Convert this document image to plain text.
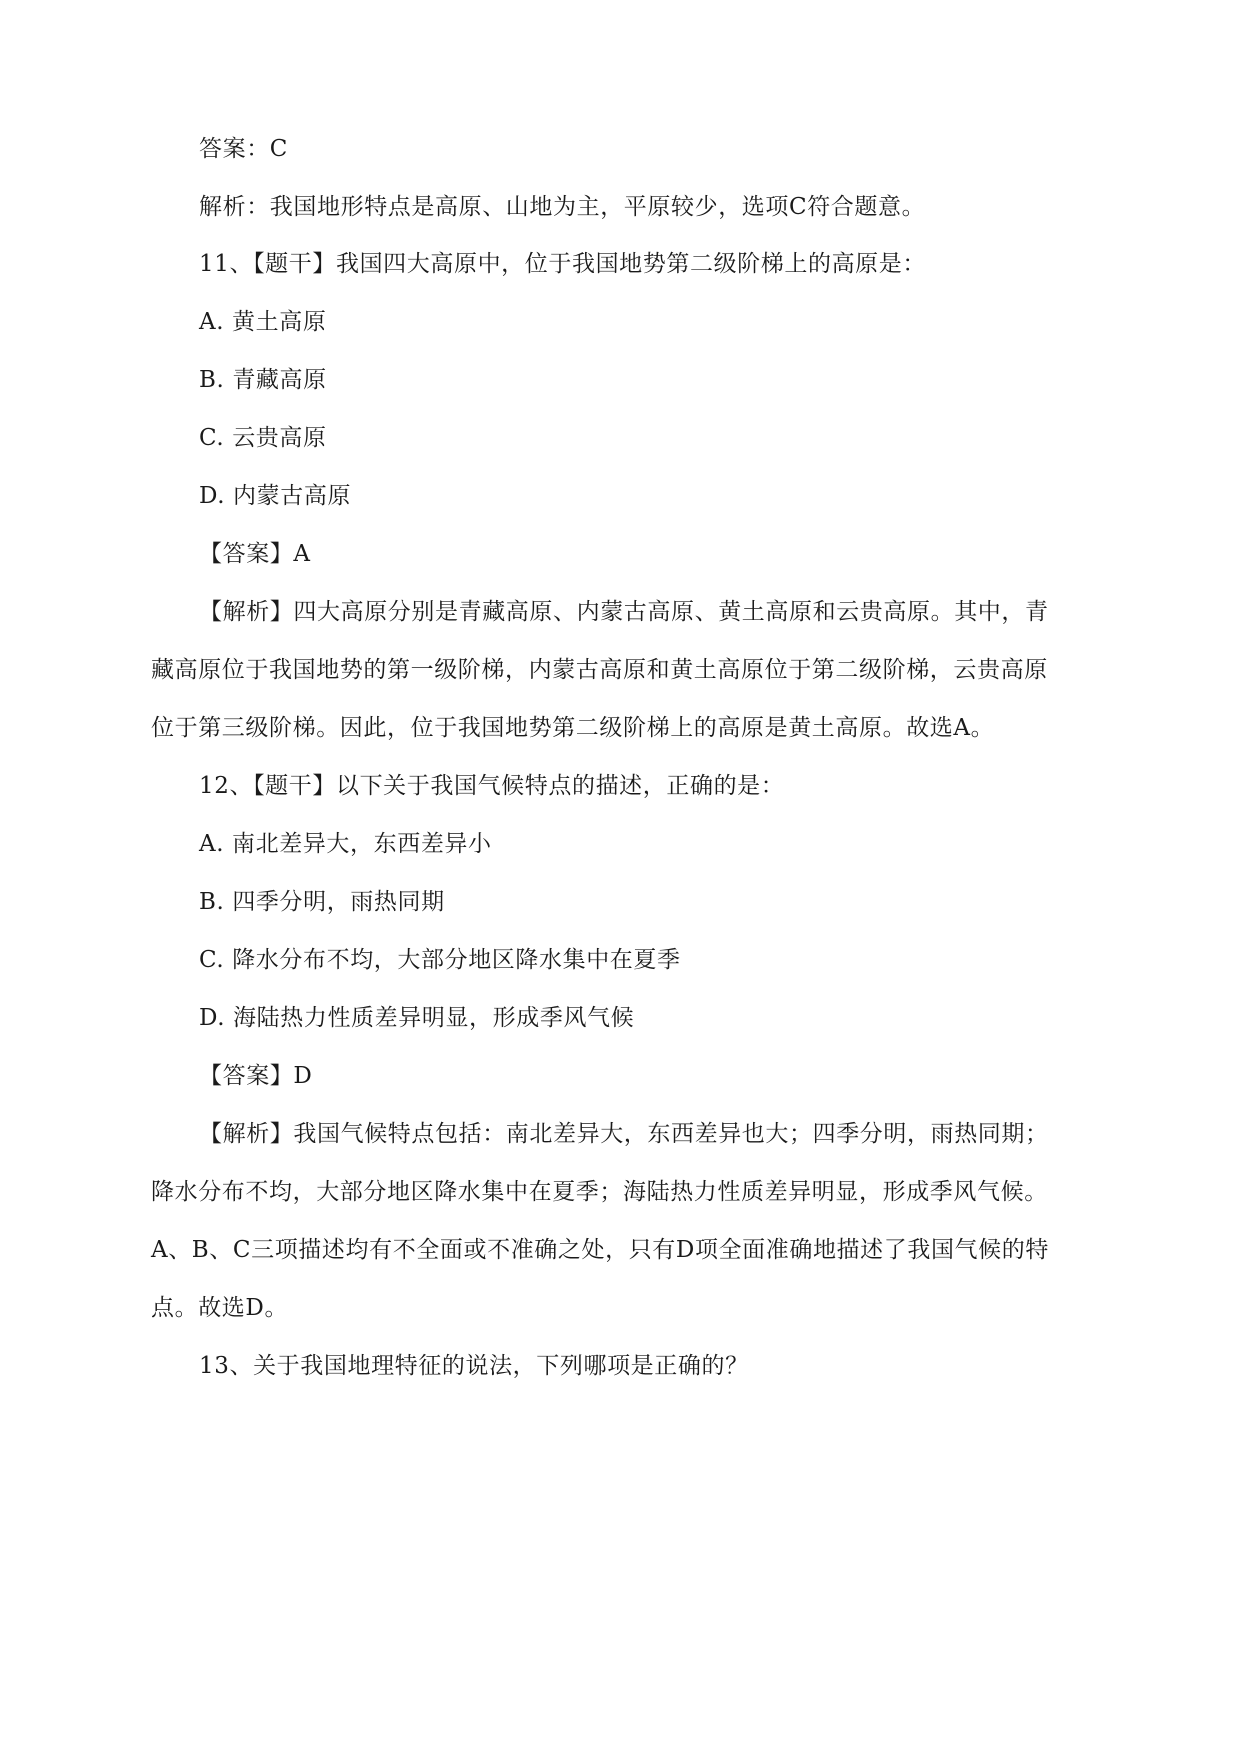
答案：C
解析：我国地形特点是高原、山地为主，平原较少，选项C符合题意。
11、【题干】我国四大高原中，位于我国地势第二级阶梯上的高原是：
A. 黄土高原
B. 青藏高原
C. 云贵高原
D. 内蒙古高原
【答案】A
【解析】四大高原分别是青藏高原、内蒙古高原、黄土高原和云贵高原。其中，青
藏高原位于我国地势的第一级阶梯，内蒙古高原和黄土高原位于第二级阶梯，云贵高原
位于第三级阶梯。因此，位于我国地势第二级阶梯上的高原是黄土高原。故选A。
12、【题干】以下关于我国气候特点的描述，正确的是：
A. 南北差异大，东西差异小
B. 四季分明，雨热同期
C. 降水分布不均，大部分地区降水集中在夏季
D. 海陆热力性质差异明显，形成季风气候
【答案】D
【解析】我国气候特点包括：南北差异大，东西差异也大；四季分明，雨热同期；
降水分布不均，大部分地区降水集中在夏季；海陆热力性质差异明显，形成季风气候。
A、B、C三项描述均有不全面或不准确之处，只有D项全面准确地描述了我国气候的特
点。故选D。
13、关于我国地理特征的说法，下列哪项是正确的？
